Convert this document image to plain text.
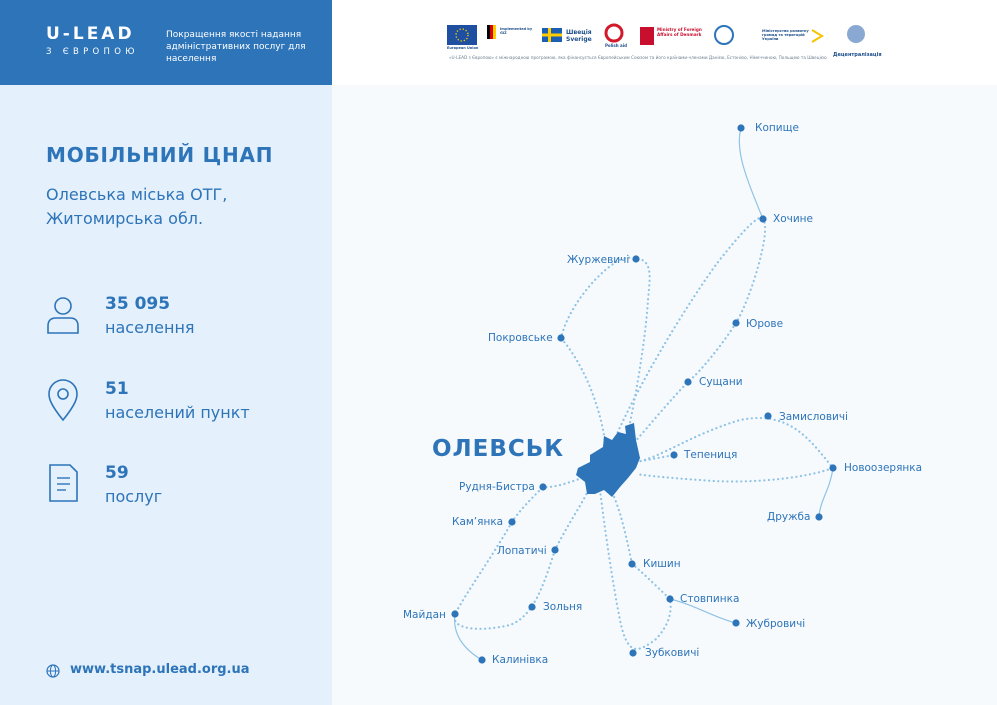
U-LEAD
З ЄВРОПОЮ
Покращення якості надання адміністративних послуг для населення
European Union
Implemented by GIZ	Швеція Sverige
Polish aid
Ministry of Foreign Affairs of Denmark
Міністерство розвитку громад та територій України
Децентралізація
«U-LEAD з Європою» є міжнародною програмою, яка фінансується Європейським Союзом та його країнами-членами Данією, Естонією, Німеччиною, Польщею та Швецією
МОБІЛЬНИЙ ЦНАП
Олевська міська ОТГ,
Житомирська обл.
35 095
населення
51
населений пункт
59
послуг
www.tsnap.ulead.org.ua
ОЛЕВСЬК
Копище
Хочине
Журжевичі
Юрове
Покровське
Сущани
Замисловичі
Тепениця
Новоозерянка
Рудня-Бистра
Дружба
Кам’янка
Лопатичі
Кишин
Стовпинка
Зольня
Майдан
Жубровичі
Зубковичі
Калинівка
